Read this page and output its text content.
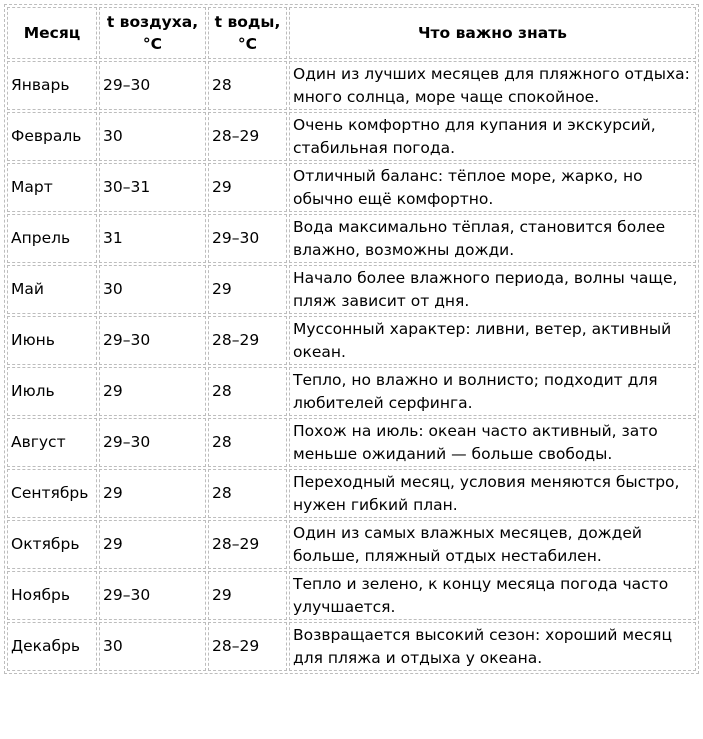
Месяц	t воздуха, °C	t воды, °C	Что важно знать
Январь	29–30	28	Один из лучших месяцев для пляжного отдыха: много солнца, море чаще спокойное.
Февраль	30	28–29	Очень комфортно для купания и экскурсий, стабильная погода.
Март	30–31	29	Отличный баланс: тёплое море, жарко, но обычно ещё комфортно.
Апрель	31	29–30	Вода максимально тёплая, становится более влажно, возможны дожди.
Май	30	29	Начало более влажного периода, волны чаще, пляж зависит от дня.
Июнь	29–30	28–29	Муссонный характер: ливни, ветер, активный океан.
Июль	29	28	Тепло, но влажно и волнисто; подходит для любителей серфинга.
Август	29–30	28	Похож на июль: океан часто активный, зато меньше ожиданий — больше свободы.
Сентябрь	29	28	Переходный месяц, условия меняются быстро, нужен гибкий план.
Октябрь	29	28–29	Один из самых влажных месяцев, дождей больше, пляжный отдых нестабилен.
Ноябрь	29–30	29	Тепло и зелено, к концу месяца погода часто улучшается.
Декабрь	30	28–29	Возвращается высокий сезон: хороший месяц для пляжа и отдыха у океана.
